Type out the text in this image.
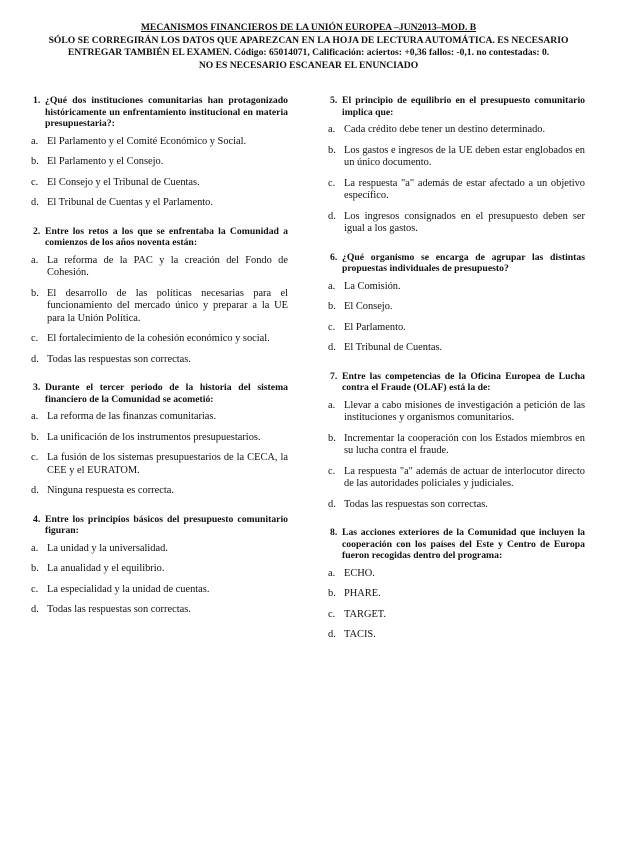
MECANISMOS FINANCIEROS DE LA UNIÓN EUROPEA –JUN2013–MOD. B
SÓLO SE CORREGIRÁN LOS DATOS QUE APAREZCAN EN LA HOJA DE LECTURA AUTOMÁTICA. ES NECESARIO
ENTREGAR TAMBIÉN EL EXAMEN. Código: 65014071, Calificación: aciertos: +0,36 fallos: -0,1. no contestadas: 0.
NO ES NECESARIO ESCANEAR EL ENUNCIADO
1. ¿Qué dos instituciones comunitarias han protagonizado históricamente un enfrentamiento institucional en materia presupuestaria?:
a. El Parlamento y el Comité Económico y Social.
b. El Parlamento y el Consejo.
c. El Consejo y el Tribunal de Cuentas.
d. El Tribunal de Cuentas y el Parlamento.
2. Entre los retos a los que se enfrentaba la Comunidad a comienzos de los años noventa están:
a. La reforma de la PAC y la creación del Fondo de Cohesión.
b. El desarrollo de las políticas necesarias para el funcionamiento del mercado único y preparar a la UE para la Unión Política.
c. El fortalecimiento de la cohesión económico y social.
d. Todas las respuestas son correctas.
3. Durante el tercer periodo de la historia del sistema financiero de la Comunidad se acometió:
a. La reforma de las finanzas comunitarias.
b. La unificación de los instrumentos presupuestarios.
c. La fusión de los sistemas presupuestarios de la CECA, la CEE y el EURATOM.
d. Ninguna respuesta es correcta.
4. Entre los principios básicos del presupuesto comunitario figuran:
a. La unidad y la universalidad.
b. La anualidad y el equilibrio.
c. La especialidad y la unidad de cuentas.
d. Todas las respuestas son correctas.
5. El principio de equilibrio en el presupuesto comunitario implica que:
a. Cada crédito debe tener un destino determinado.
b. Los gastos e ingresos de la UE deben estar englobados en un único documento.
c. La respuesta "a" además de estar afectado a un objetivo específico.
d. Los ingresos consignados en el presupuesto deben ser igual a los gastos.
6. ¿Qué organismo se encarga de agrupar las distintas propuestas individuales de presupuesto?
a. La Comisión.
b. El Consejo.
c. El Parlamento.
d. El Tribunal de Cuentas.
7. Entre las competencias de la Oficina Europea de Lucha contra el Fraude (OLAF) está la de:
a. Llevar a cabo misiones de investigación a petición de las instituciones y organismos comunitarios.
b. Incrementar la cooperación con los Estados miembros en su lucha contra el fraude.
c. La respuesta "a" además de actuar de interlocutor directo de las autoridades policiales y judiciales.
d. Todas las respuestas son correctas.
8. Las acciones exteriores de la Comunidad que incluyen la cooperación con los países del Este y Centro de Europa fueron recogidas dentro del programa:
a. ECHO.
b. PHARE.
c. TARGET.
d. TACIS.
